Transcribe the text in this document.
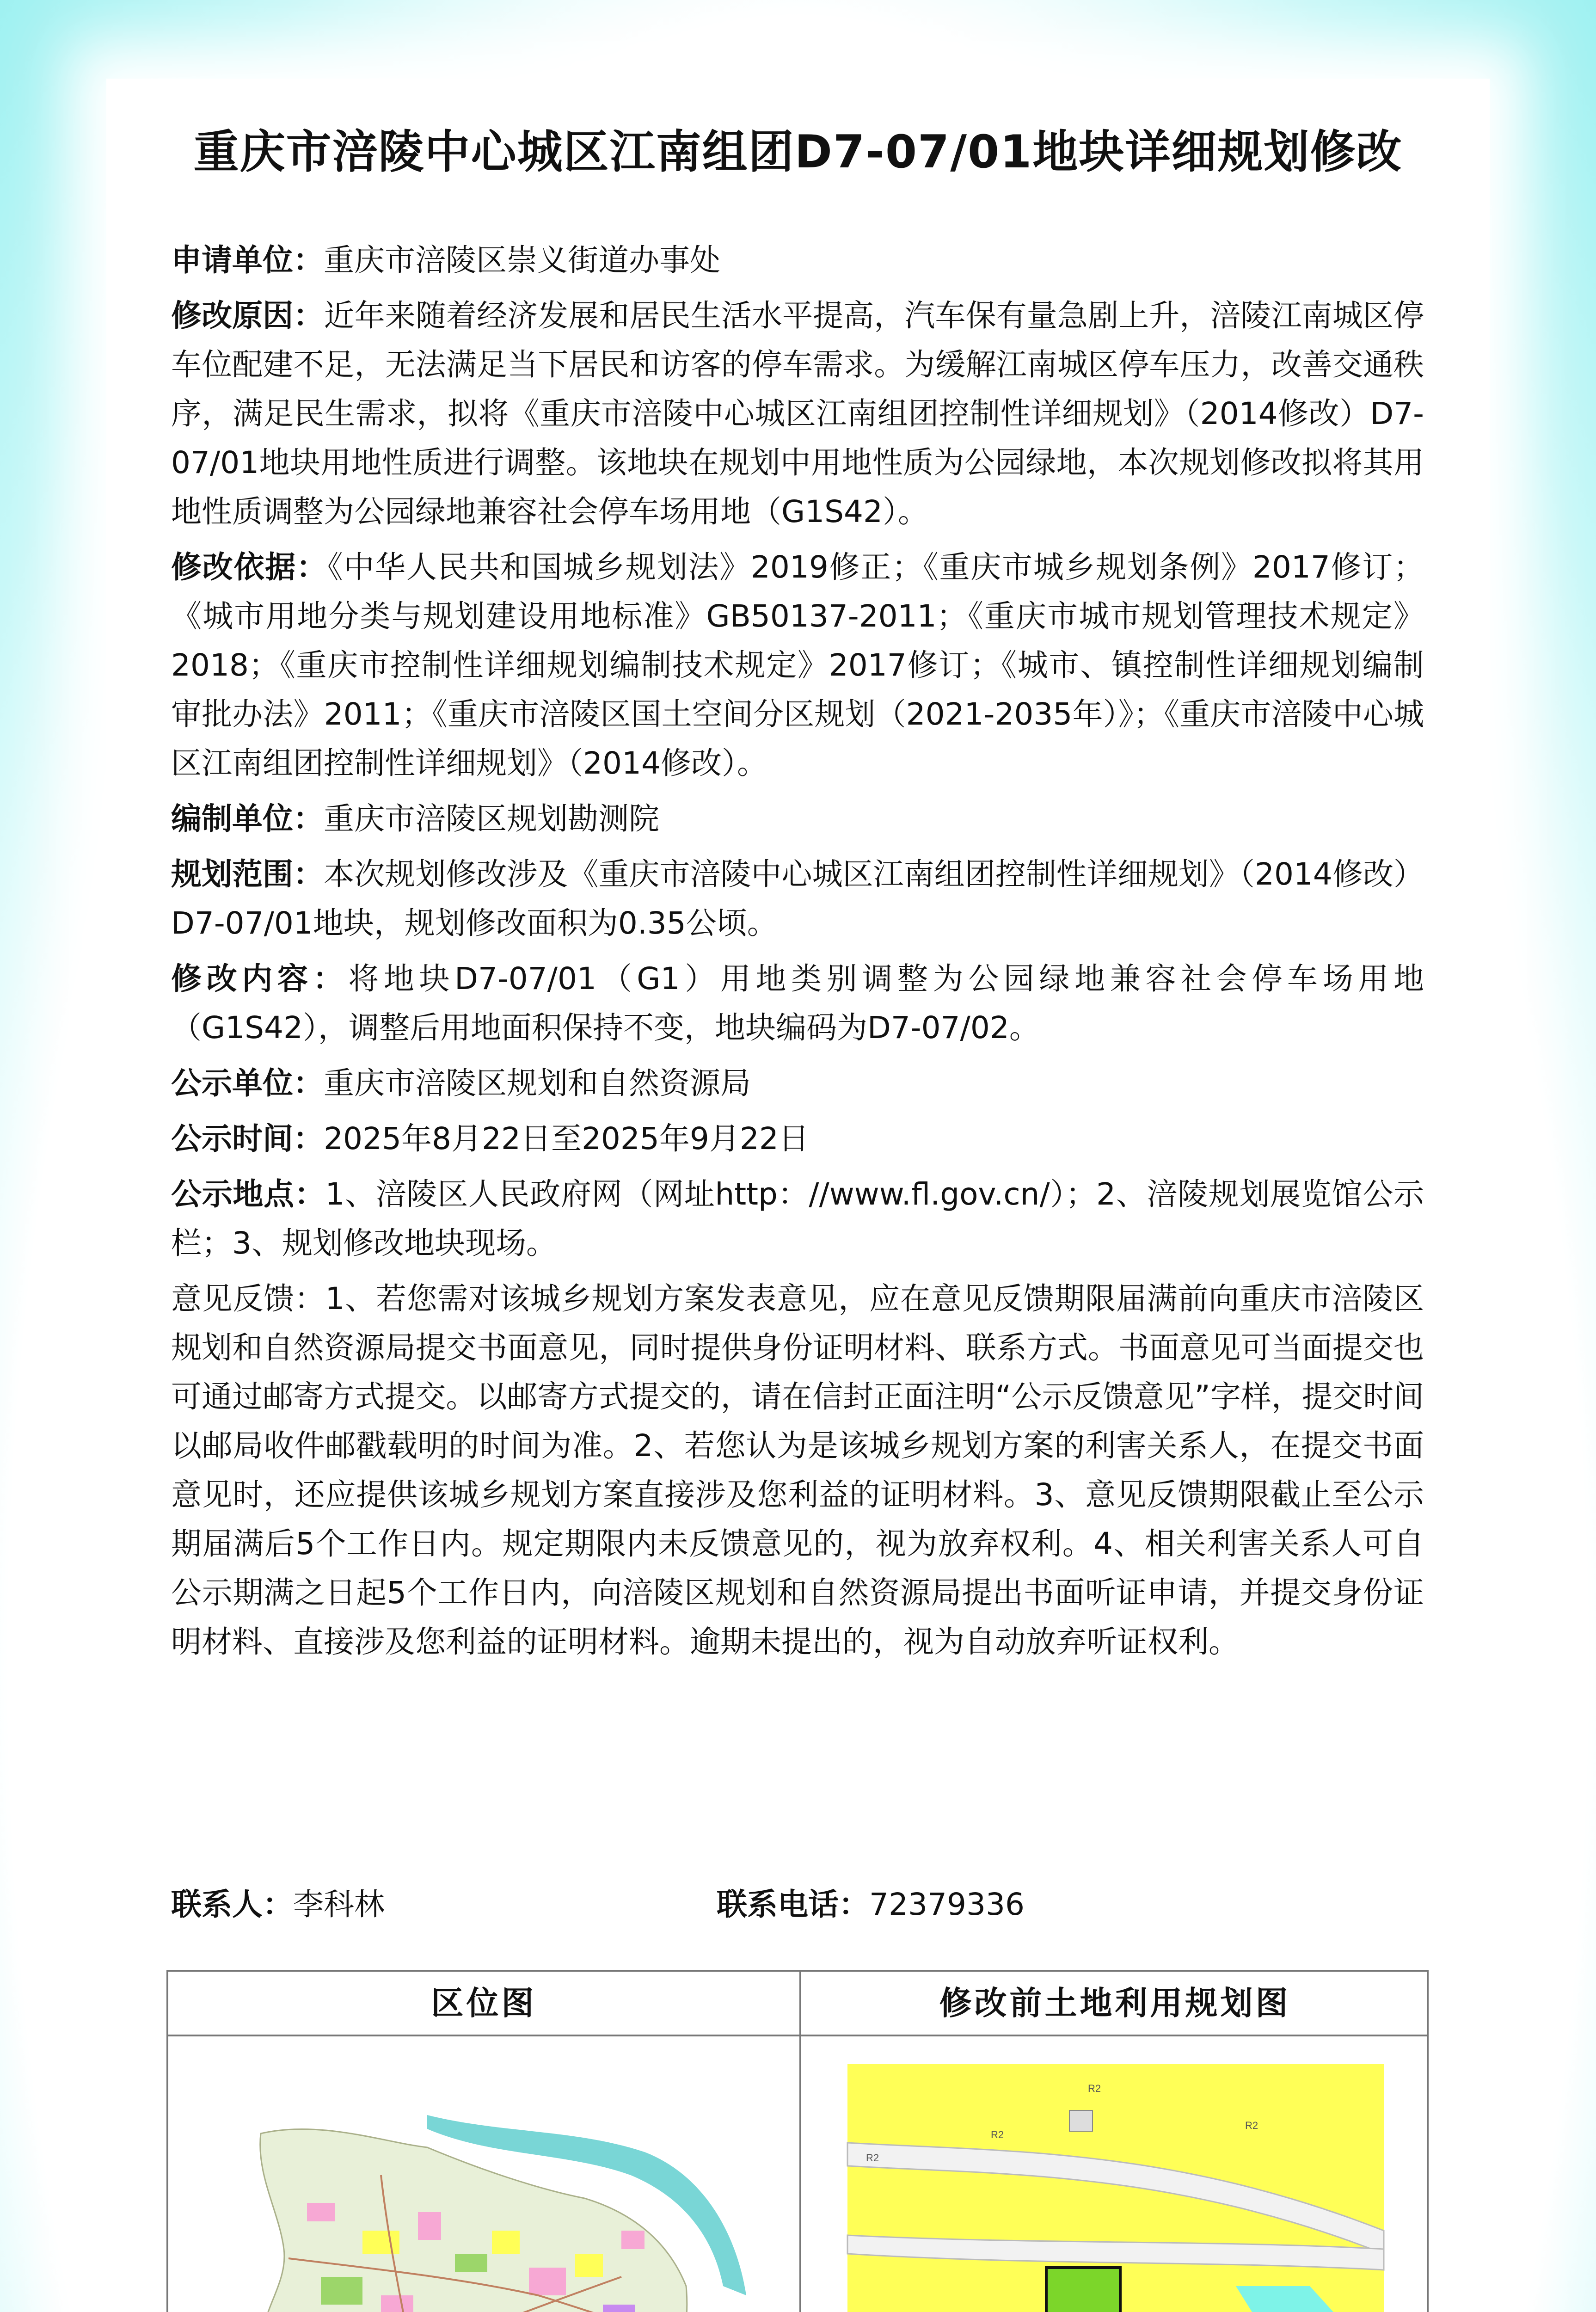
重庆市涪陵中心城区江南组团D7-07/01地块详细规划修改

申请单位：重庆市涪陵区崇义街道办事处

修改原因：近年来随着经济发展和居民生活水平提高，汽车保有量急剧上升，涪陵江南城区停车位配建不足，无法满足当下居民和访客的停车需求。为缓解江南城区停车压力，改善交通秩序，满足民生需求，拟将《重庆市涪陵中心城区江南组团控制性详细规划》（2014修改）D7-07/01地块用地性质进行调整。该地块在规划中用地性质为公园绿地，本次规划修改拟将其用地性质调整为公园绿地兼容社会停车场用地（G1S42）。

修改依据：《中华人民共和国城乡规划法》2019修正；《重庆市城乡规划条例》2017修订；《城市用地分类与规划建设用地标准》GB50137-2011；《重庆市城市规划管理技术规定》2018；《重庆市控制性详细规划编制技术规定》2017修订；《城市、镇控制性详细规划编制审批办法》2011；《重庆市涪陵区国土空间分区规划（2021-2035年）》；《重庆市涪陵中心城区江南组团控制性详细规划》（2014修改）。

编制单位：重庆市涪陵区规划勘测院

规划范围：本次规划修改涉及《重庆市涪陵中心城区江南组团控制性详细规划》（2014修改）D7-07/01地块，规划修改面积为0.35公顷。

修改内容：将地块D7-07/01（G1）用地类别调整为公园绿地兼容社会停车场用地（G1S42），调整后用地面积保持不变，地块编码为D7-07/02。

公示单位：重庆市涪陵区规划和自然资源局

公示时间：2025年8月22日至2025年9月22日

公示地点：1、涪陵区人民政府网（网址http：//www.fl.gov.cn/）；2、涪陵规划展览馆公示栏；3、规划修改地块现场。

意见反馈：1、若您需对该城乡规划方案发表意见，应在意见反馈期限届满前向重庆市涪陵区规划和自然资源局提交书面意见，同时提供身份证明材料、联系方式。书面意见可当面提交也可通过邮寄方式提交。以邮寄方式提交的，请在信封正面注明“公示反馈意见”字样，提交时间以邮局收件邮戳载明的时间为准。2、若您认为是该城乡规划方案的利害关系人，在提交书面意见时，还应提供该城乡规划方案直接涉及您利益的证明材料。3、意见反馈期限截止至公示期届满后5个工作日内。规定期限内未反馈意见的，视为放弃权利。4、相关利害关系人可自公示期满之日起5个工作日内，向涪陵区规划和自然资源局提出书面听证申请，并提交身份证明材料、直接涉及您利益的证明材料。逾期未提出的，视为自动放弃听证权利。

联系人：李科林	联系电话：72379336
区位图	修改前土地利用规划图
R2
R2
R2
R2
